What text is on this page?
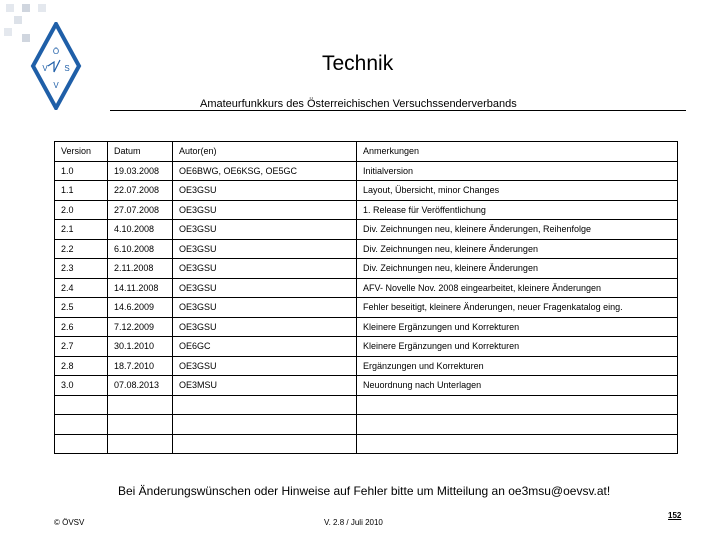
Ö
V S
V
Technik
Amateurfunkkurs des Österreichischen Versuchssenderverbands
Version	Datum	Autor(en)	Anmerkungen
1.0	19.03.2008	OE6BWG, OE6KSG, OE5GC	Initialversion
1.1	22.07.2008	OE3GSU	Layout, Übersicht, minor Changes
2.0	27.07.2008	OE3GSU	1. Release für Veröffentlichung
2.1	4.10.2008	OE3GSU	Div. Zeichnungen neu, kleinere Änderungen, Reihenfolge
2.2	6.10.2008	OE3GSU	Div. Zeichnungen neu, kleinere Änderungen
2.3	2.11.2008	OE3GSU	Div. Zeichnungen neu, kleinere Änderungen
2.4	14.11.2008	OE3GSU	AFV- Novelle Nov. 2008 eingearbeitet, kleinere Änderungen
2.5	14.6.2009	OE3GSU	Fehler beseitigt, kleinere Änderungen, neuer Fragenkatalog eing.
2.6	7.12.2009	OE3GSU	Kleinere Ergänzungen und Korrekturen
2.7	30.1.2010	OE6GC	Kleinere Ergänzungen und Korrekturen
2.8	18.7.2010	OE3GSU	Ergänzungen und Korrekturen
3.0	07.08.2013	OE3MSU	Neuordnung nach Unterlagen

Bei Änderungswünschen oder Hinweise auf Fehler bitte um Mitteilung an oe3msu@oevsv.at!
© ÖVSV	V. 2.8 / Juli 2010
152
